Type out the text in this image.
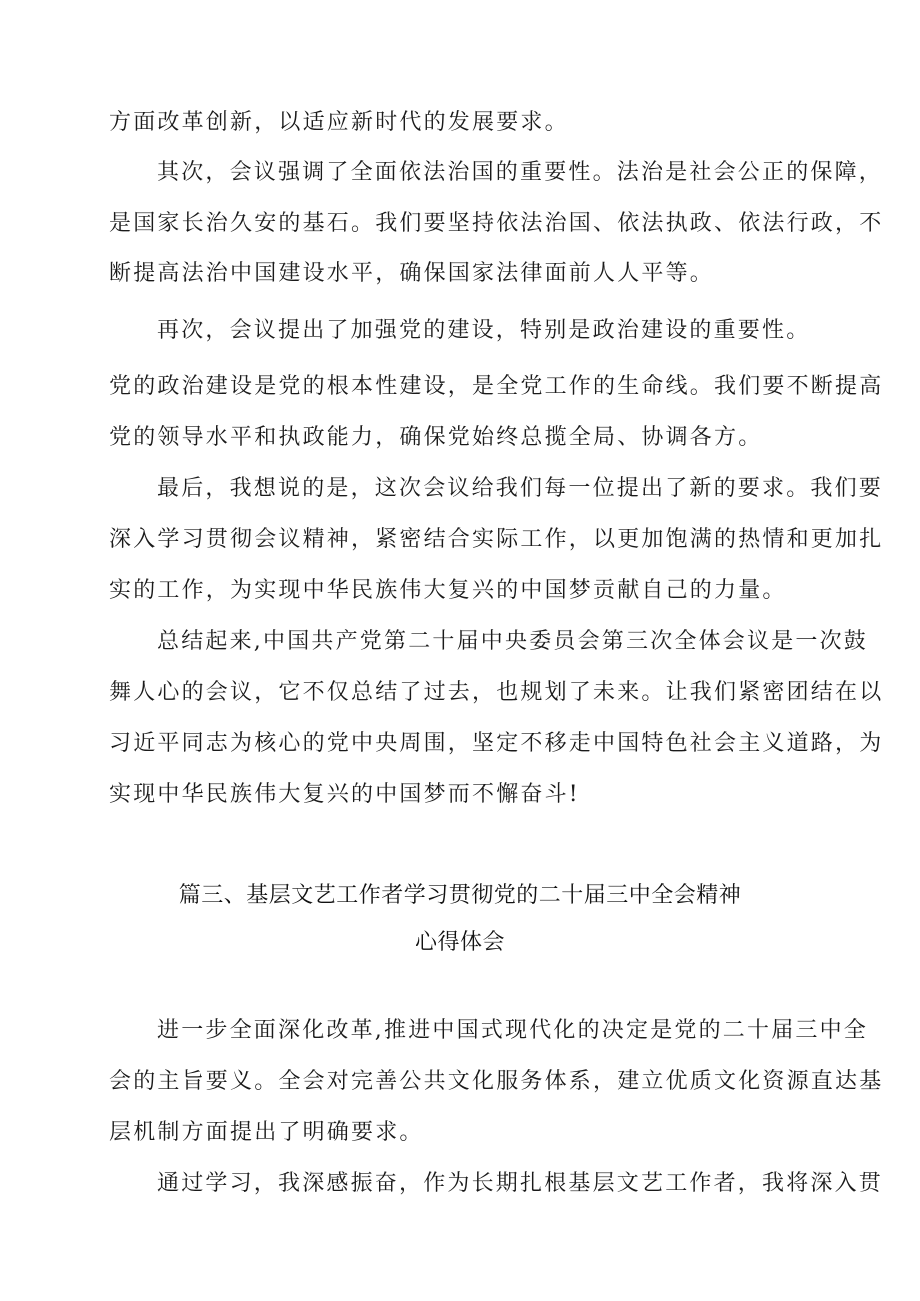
方面改革创新，以适应新时代的发展要求。
其次，会议强调了全面依法治国的重要性。法治是社会公正的保障，
是国家长治久安的基石。我们要坚持依法治国、依法执政、依法行政，不
断提高法治中国建设水平，确保国家法律面前人人平等。
再次，会议提出了加强党的建设，特别是政治建设的重要性。
党的政治建设是党的根本性建设，是全党工作的生命线。我们要不断提高
党的领导水平和执政能力，确保党始终总揽全局、协调各方。
最后，我想说的是，这次会议给我们每一位提出了新的要求。我们要
深入学习贯彻会议精神，紧密结合实际工作，以更加饱满的热情和更加扎
实的工作，为实现中华民族伟大复兴的中国梦贡献自己的力量。
总结起来,中国共产党第二十届中央委员会第三次全体会议是一次鼓
舞人心的会议，它不仅总结了过去，也规划了未来。让我们紧密团结在以
习近平同志为核心的党中央周围，坚定不移走中国特色社会主义道路，为
实现中华民族伟大复兴的中国梦而不懈奋斗!
篇三、基层文艺工作者学习贯彻党的二十届三中全会精神
心得体会
进一步全面深化改革,推进中国式现代化的决定是党的二十届三中全
会的主旨要义。全会对完善公共文化服务体系，建立优质文化资源直达基
层机制方面提出了明确要求。
通过学习，我深感振奋，作为长期扎根基层文艺工作者，我将深入贯
